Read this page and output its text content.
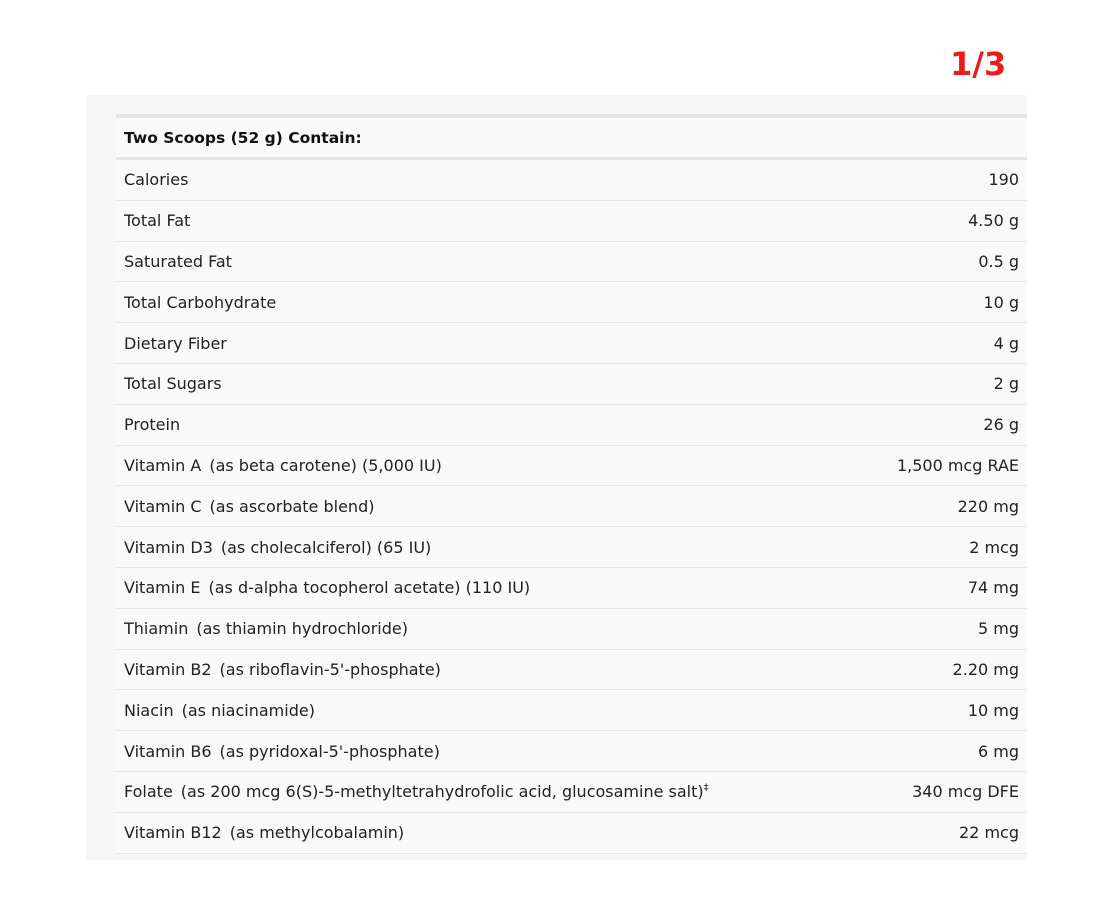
1/3
Two Scoops (52 g) Contain:
Calories	190
Total Fat	4.50 g
Saturated Fat	0.5 g
Total Carbohydrate	10 g
Dietary Fiber	4 g
Total Sugars	2 g
Protein	26 g
Vitamin A (as beta carotene) (5,000 IU)	1,500 mcg RAE
Vitamin C (as ascorbate blend)	220 mg
Vitamin D3 (as cholecalciferol) (65 IU)	2 mcg
Vitamin E (as d-alpha tocopherol acetate) (110 IU)	74 mg
Thiamin (as thiamin hydrochloride)	5 mg
Vitamin B2 (as riboflavin-5'-phosphate)	2.20 mg
Niacin (as niacinamide)	10 mg
Vitamin B6 (as pyridoxal-5'-phosphate)	6 mg
Folate (as 200 mcg 6(S)-5-methyltetrahydrofolic acid, glucosamine salt)‡	340 mcg DFE
Vitamin B12 (as methylcobalamin)	22 mcg
